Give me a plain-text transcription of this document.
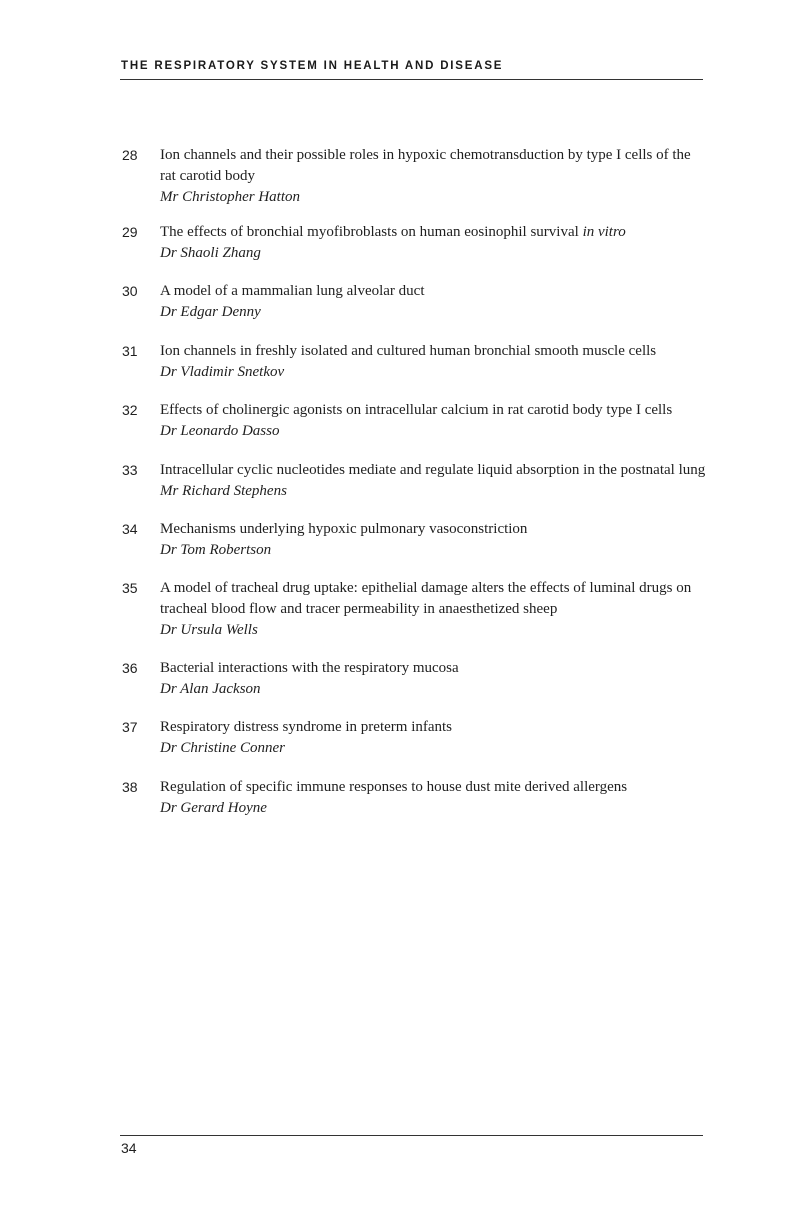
THE RESPIRATORY SYSTEM IN HEALTH AND DISEASE
28 Ion channels and their possible roles in hypoxic chemotransduction by type I cells of the rat carotid body
Mr Christopher Hatton
29 The effects of bronchial myofibroblasts on human eosinophil survival in vitro
Dr Shaoli Zhang
30 A model of a mammalian lung alveolar duct
Dr Edgar Denny
31 Ion channels in freshly isolated and cultured human bronchial smooth muscle cells
Dr Vladimir Snetkov
32 Effects of cholinergic agonists on intracellular calcium in rat carotid body type I cells
Dr Leonardo Dasso
33 Intracellular cyclic nucleotides mediate and regulate liquid absorption in the postnatal lung
Mr Richard Stephens
34 Mechanisms underlying hypoxic pulmonary vasoconstriction
Dr Tom Robertson
35 A model of tracheal drug uptake: epithelial damage alters the effects of luminal drugs on tracheal blood flow and tracer permeability in anaesthetized sheep
Dr Ursula Wells
36 Bacterial interactions with the respiratory mucosa
Dr Alan Jackson
37 Respiratory distress syndrome in preterm infants
Dr Christine Conner
38 Regulation of specific immune responses to house dust mite derived allergens
Dr Gerard Hoyne
34
